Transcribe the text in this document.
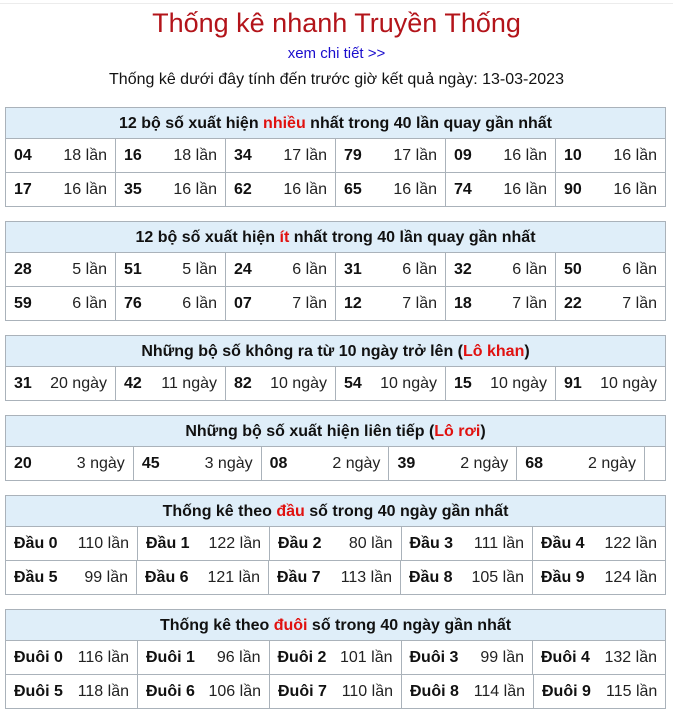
Thống kê nhanh Truyền Thống
xem chi tiết >>
Thống kê dưới đây tính đến trước giờ kết quả ngày: 13-03-2023
12 bộ số xuất hiện nhiều nhất trong 40 lần quay gần nhất
04	18 lần	16	18 lần	34	17 lần	79	17 lần	09	16 lần	10	16 lần
17	16 lần	35	16 lần	62	16 lần	65	16 lần	74	16 lần	90	16 lần
12 bộ số xuất hiện ít nhất trong 40 lần quay gần nhất
28	5 lần	51	5 lần	24	6 lần	31	6 lần	32	6 lần	50	6 lần
59	6 lần	76	6 lần	07	7 lần	12	7 lần	18	7 lần	22	7 lần
Những bộ số không ra từ 10 ngày trở lên (Lô khan)
31	20 ngày	42	11 ngày	82	10 ngày	54	10 ngày	15	10 ngày	91	10 ngày
Những bộ số xuất hiện liên tiếp (Lô rơi)
20	3 ngày	45	3 ngày	08	2 ngày	39	2 ngày	68	2 ngày
Thống kê theo đầu số trong 40 ngày gần nhất
Đầu 0	110 lần	Đầu 1	122 lần	Đầu 2	80 lần	Đầu 3	111 lần	Đầu 4	122 lần
Đầu 5	99 lần	Đầu 6	121 lần	Đầu 7	113 lần	Đầu 8	105 lần	Đầu 9	124 lần
Thống kê theo đuôi số trong 40 ngày gần nhất
Đuôi 0 116 lần	Đuôi 1	96 lần	Đuôi 2 101 lần	Đuôi 3	99 lần	Đuôi 4 132 lần
Đuôi 5 118 lần	Đuôi 6 106 lần	Đuôi 7 110 lần	Đuôi 8 114 lần	Đuôi 9 115 lần
